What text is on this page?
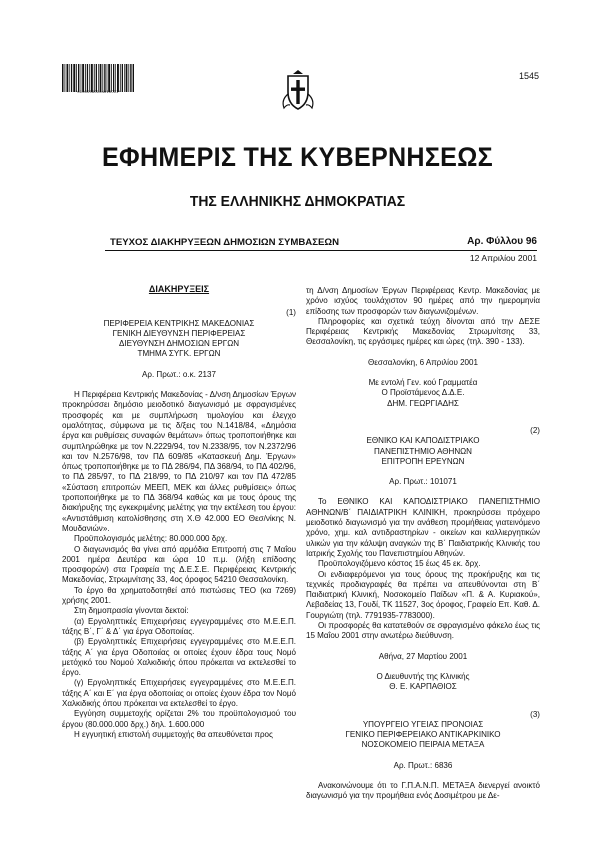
*01000960104010001*
1545
ΕΦΗΜΕΡΙΣ ΤΗΣ ΚΥΒΕΡΝΗΣΕΩΣ
ΤΗΣ ΕΛΛΗΝΙΚΗΣ ΔΗΜΟΚΡΑΤΙΑΣ
ΤΕΥΧΟΣ ΔΙΑΚΗΡΥΞΕΩΝ ΔΗΜΟΣΙΩΝ ΣΥΜΒΑΣΕΩΝ	Αρ. Φύλλου 96
12 Απριλίου 2001

ΔΙΑΚΗΡΥΞΕΙΣ

(1)

ΠΕΡΙΦΕΡΕΙΑ ΚΕΝΤΡΙΚΗΣ ΜΑΚΕΔΟΝΙΑΣ

ΓΕΝΙΚΗ ΔΙΕΥΘΥΝΣΗ ΠΕΡΙΦΕΡΕΙΑΣ

ΔΙΕΥΘΥΝΣΗ ΔΗΜΟΣΙΩΝ ΕΡΓΩΝ

ΤΜΗΜΑ ΣΥΓΚ. ΕΡΓΩΝ

Αρ. Πρωτ.: ο.κ. 2137

Η Περιφέρεια Κεντρικής Μακεδονίας - Δ/νση Δημοσίων Έργων προκηρύσσει δημόσιο μειοδοτικό διαγωνισμό με σφραγισμένες προσφορές και με συμπλήρωση τιμολογίου και έλεγχο ομαλότητας, σύμφωνα με τις δ/ξεις του Ν.1418/84, «Δημόσια έργα και ρυθμίσεις συναφών θεμάτων» όπως τροποποιήθηκε και συμπληρώθηκε με τον Ν.2229/94, τον Ν.2338/95, τον Ν.2372/96 και τον Ν.2576/98, τον ΠΔ 609/85 «Κατασκευή Δημ. Έργων» όπως τροποποιήθηκε με το ΠΔ 286/94, ΠΔ 368/94, το ΠΔ 402/96, το ΠΔ 285/97, το ΠΔ 218/99, το ΠΔ 210/97 και τον ΠΔ 472/85 «Σύσταση επιτροπών ΜΕΕΠ, ΜΕΚ και άλλες ρυθμίσεις» όπως τροποποιήθηκε με το ΠΔ 368/94 καθώς και με τους όρους της διακήρυξης της εγκεκριμένης μελέτης για την εκτέλεση του έργου: «Αντιστάθμιση κατολίσθησης στη Χ.Θ 42.000 ΕΟ Θεσ/νίκης Ν. Μουδανιών».

Προϋπολογισμός μελέτης: 80.000.000 δρχ.

Ο διαγωνισμός θα γίνει από αρμόδια Επιτροπή στις 7 Μαΐου 2001 ημέρα Δευτέρα και ώρα 10 π.μ. (λήξη επίδοσης προσφορών) στα Γραφεία της Δ.Ε.Σ.Ε. Περιφέρειας Κεντρικής Μακεδονίας, Στρωμνίτσης 33, 4ος όροφος 54210 Θεσσαλονίκη.

Το έργο θα χρηματοδοτηθεί από πιστώσεις ΤΕΟ (κα 7269) χρήσης 2001.

Στη δημοπρασία γίνονται δεκτοί:

(α) Εργοληπτικές Επιχειρήσεις εγγεγραμμένες στο Μ.Ε.Ε.Π. τάξης Β΄, Γ΄ & Δ΄ για έργα Οδοποιίας.

(β) Εργοληπτικές Επιχειρήσεις εγγεγραμμένες στο Μ.Ε.Ε.Π. τάξης Α΄ για έργα Οδοποιίας οι οποίες έχουν έδρα τους Νομό μετόχικό του Νομού Χαλκιδικής όπου πρόκειται να εκτελεσθεί το έργο.

(γ) Εργοληπτικές Επιχειρήσεις εγγεγραμμένες στο Μ.Ε.Ε.Π. τάξης Α΄ και Ε΄ για έργα οδοποιίας οι οποίες έχουν έδρα τον Νομό Χαλκιδικής όπου πρόκειται να εκτελεσθεί το έργο.

Εγγύηση συμμετοχής ορίζεται 2% του προϋπολογισμού του έργου (80.000.000 δρχ.) δηλ. 1.600.000

Η εγγυητική επιστολή συμμετοχής θα απευθύνεται προς

τη Δ/νση Δημοσίων Έργων Περιφέρειας Κεντρ. Μακεδονίας με χρόνο ισχύος τουλάχιστον 90 ημέρες από την ημερομηνία επίδοσης των προσφορών των διαγωνιζομένων.

Πληροφορίες και σχετικά τεύχη δίνονται από την ΔΕΣΕ Περιφέρειας Κεντρικής Μακεδονίας Στρωμνίτσης 33, Θεσσαλονίκη, τις εργάσιμες ημέρες και ώρες (τηλ. 390 - 133).

Θεσσαλονίκη, 6 Απριλίου 2001

Με εντολή Γεν. κού Γραμματέα

Ο Προϊστάμενος Δ.Δ.Ε.

ΔΗΜ. ΓΕΩΡΓΙΑΔΗΣ

(2)

ΕΘΝΙΚΟ ΚΑΙ ΚΑΠΟΔΙΣΤΡΙΑΚΟ

ΠΑΝΕΠΙΣΤΗΜΙΟ ΑΘΗΝΩΝ

ΕΠΙΤΡΟΠΗ ΕΡΕΥΝΩΝ

Αρ. Πρωτ.: 101071

Το ΕΘΝΙΚΟ ΚΑΙ ΚΑΠΟΔΙΣΤΡΙΑΚΟ ΠΑΝΕΠΙΣΤΗΜΙΟ ΑΘΗΝΩΝ/Β΄ ΠΑΙΔΙΑΤΡΙΚΗ ΚΛΙΝΙΚΗ, προκηρύσσει πρόχειρο μειοδοτικό διαγωνισμό για την ανάθεση προμήθειας γιατεινόμενο χρόνο, χημ. καλ αντιδραστηρίων - οικείων και καλλιεργητικών υλικών για την κάλυψη αναγκών της Β΄ Παιδιατρικής Κλινικής του Ιατρικής Σχολής του Πανεπιστημίου Αθηνών.

Προϋπολογιζόμενο κόστος 15 έως 45 εκ. δρχ.

Οι ενδιαφερόμενοι για τους όρους της προκήρυξης και τις τεχνικές προδιαγραφές θα πρέπει να απευθύνονται στη Β΄ Παιδιατρική Κλινική, Νοσοκομείο Παίδων «Π. & Α. Κυριακού», Λεβαδείας 13, Γουδί, ΤΚ 11527, 3ος όροφος, Γραφείο Επ. Καθ. Δ. Γουργιώτη (τηλ. 7791935-7783000).

Οι προσφορές θα κατατεθούν σε σφραγισμένο φάκελο έως τις 15 Μαΐου 2001 στην ανωτέρω διεύθυνση.

Αθήνα, 27 Μαρτίου 2001

Ο Διευθυντής της Κλινικής

Θ. Ε. ΚΑΡΠΑΘΙΟΣ

(3)

ΥΠΟΥΡΓΕΙΟ ΥΓΕΙΑΣ ΠΡΟΝΟΙΑΣ

ΓΕΝΙΚΟ ΠΕΡΙΦΕΡΕΙΑΚΟ ΑΝΤΙΚΑΡΚΙΝΙΚΟ

ΝΟΣΟΚΟΜΕΙΟ ΠΕΙΡΑΙΑ ΜΕΤΑΞΑ

Αρ. Πρωτ.: 6836

Ανακοινώνουμε ότι το Γ.Π.Α.Ν.Π. ΜΕΤΑΞΑ διενεργεί ανοικτό διαγωνισμό για την προμήθεια ενός Δοσιμέτρου με Δε-
